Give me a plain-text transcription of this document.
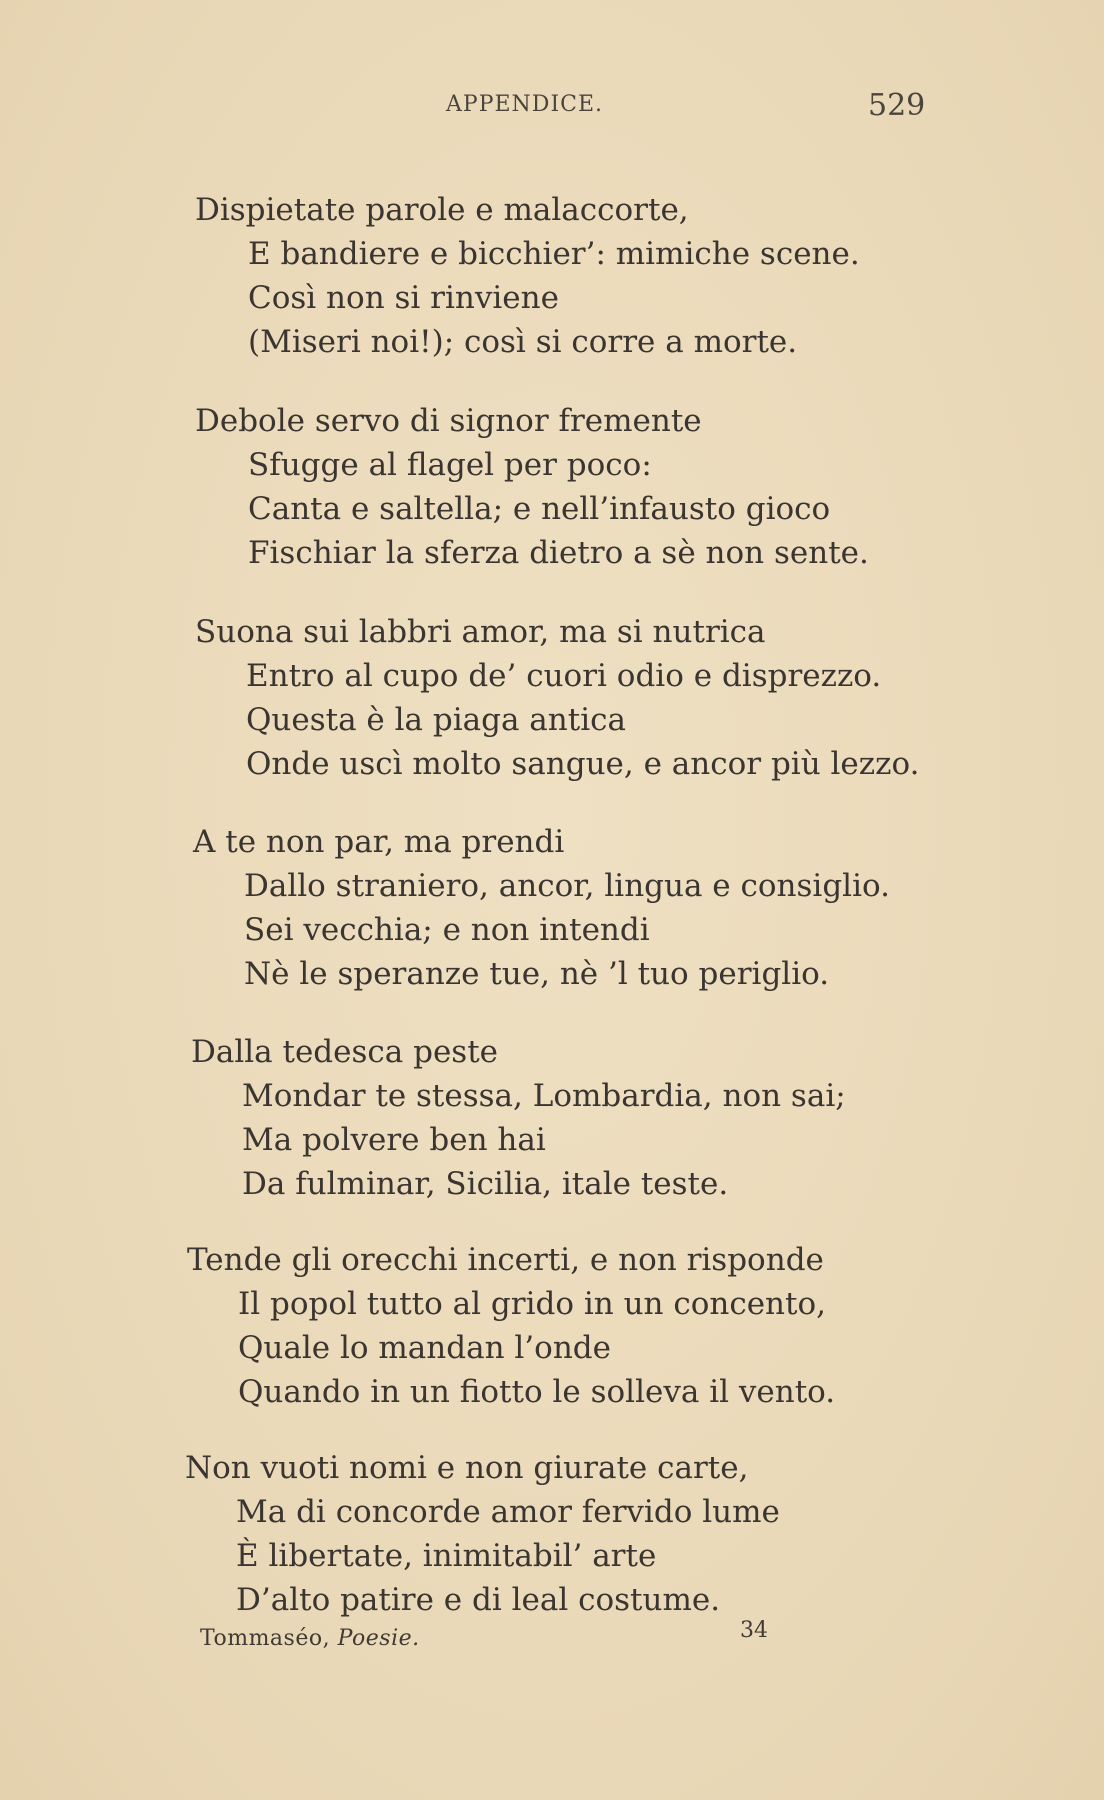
APPENDICE.	529
Dispietate parole e malaccorte,
E bandiere e bicchier’: mimiche scene.
Così non si rinviene
(Miseri noi!); così si corre a morte.
Debole servo di signor fremente
Sfugge al flagel per poco:
Canta e saltella; e nell’infausto gioco
Fischiar la sferza dietro a sè non sente.
Suona sui labbri amor, ma si nutrica
Entro al cupo de’ cuori odio e disprezzo.
Questa è la piaga antica
Onde uscì molto sangue, e ancor più lezzo.
A te non par, ma prendi
Dallo straniero, ancor, lingua e consiglio.
Sei vecchia; e non intendi
Nè le speranze tue, nè ’l tuo periglio.
Dalla tedesca peste
Mondar te stessa, Lombardia, non sai;
Ma polvere ben hai
Da fulminar, Sicilia, itale teste.
Tende gli orecchi incerti, e non risponde
Il popol tutto al grido in un concento,
Quale lo mandan l’onde
Quando in un fiotto le solleva il vento.
Non vuoti nomi e non giurate carte,
Ma di concorde amor fervido lume
È libertate, inimitabil’ arte
D’alto patire e di leal costume.
Tommaséo, Poesie.	34
